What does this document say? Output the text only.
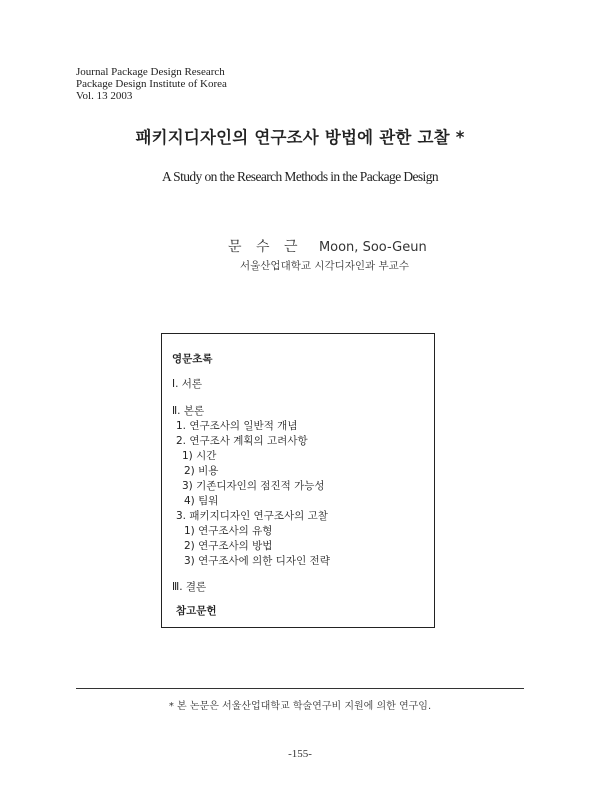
Journal Package Design Research
Package Design Institute of Korea
Vol. 13 2003
패키지디자인의 연구조사 방법에 관한 고찰 *
A Study on the Research Methods in the Package Design
문 수 근 Moon, Soo-Geun
서울산업대학교 시각디자인과 부교수
영문초록
Ⅰ. 서론
Ⅱ. 본론
1. 연구조사의 일반적 개념
2. 연구조사 계획의 고려사항
1) 시간
2) 비용
3) 기존디자인의 점진적 가능성
4) 팀워
3. 패키지디자인 연구조사의 고찰
1) 연구조사의 유형
2) 연구조사의 방법
3) 연구조사에 의한 디자인 전략
Ⅲ. 결론
참고문헌
* 본 논문은 서울산업대학교 학술연구비 지원에 의한 연구임.
-155-
